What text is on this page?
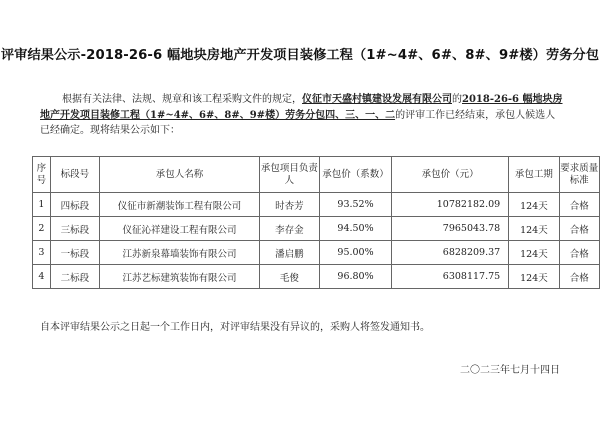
评审结果公示-2018-26-6 幅地块房地产开发项目装修工程（1#~4#、6#、8#、9#楼）劳务分包
根据有关法律、法规、规章和该工程采购文件的规定，仪征市天盛村镇建设发展有限公司的2018-26-6 幅地块房地产开发项目装修工程（1#~4#、6#、8#、9#楼）劳务分包四、三、一、二的评审工作已经结束，承包人候选人已经确定。现将结果公示如下：
序号	标段号	承包人名称	承包项目负责人	承包价（系数）	承包价（元）	承包工期	要求质量标准
1	四标段	仪征市新潮装饰工程有限公司	时杏芳	93.52%	10782182.09	124天	合格
2	三标段	仪征沁祥建设工程有限公司	李存金	94.50%	7965043.78	124天	合格
3	一标段	江苏新泉幕墙装饰有限公司	潘启鹏	95.00%	6828209.37	124天	合格
4	二标段	江苏艺标建筑装饰有限公司	毛俊	96.80%	6308117.75	124天	合格
自本评审结果公示之日起一个工作日内，对评审结果没有异议的，采购人将签发通知书。
二〇二三年七月十四日
